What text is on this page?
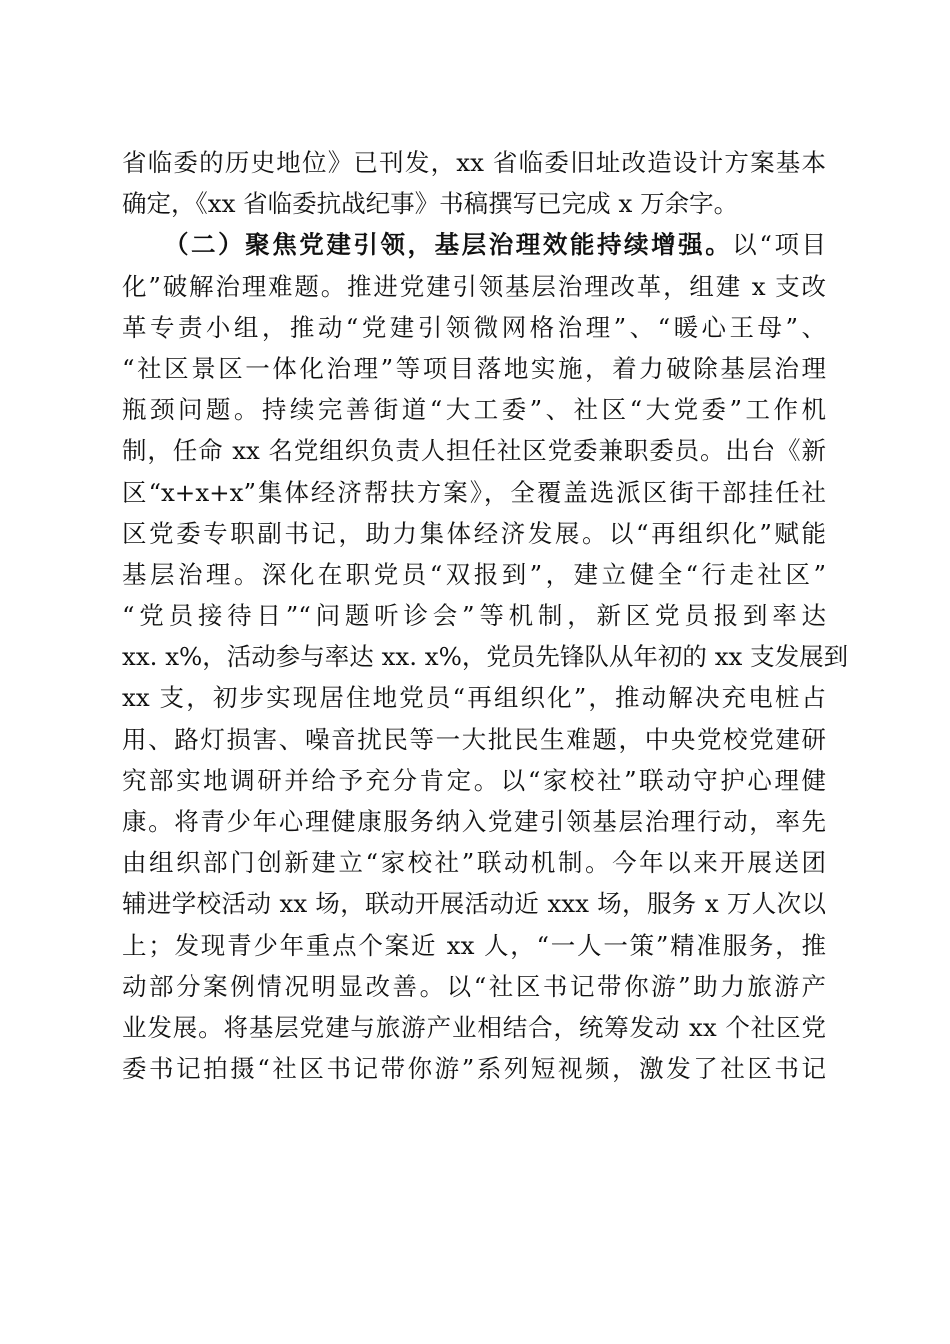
省临委的历史地位》已刊发，xx 省临委旧址改造设计方案基本
确定，《xx 省临委抗战纪事》书稿撰写已完成 x 万余字。
（二）聚焦党建引领，基层治理效能持续增强。以“项目
化”破解治理难题。推进党建引领基层治理改革，组建 x 支改
革专责小组，推动“党建引领微网格治理”、“暖心王母”、
“社区景区一体化治理”等项目落地实施，着力破除基层治理
瓶颈问题。持续完善街道“大工委”、社区“大党委”工作机
制，任命 xx 名党组织负责人担任社区党委兼职委员。出台《新
区“x+x+x”集体经济帮扶方案》，全覆盖选派区街干部挂任社
区党委专职副书记，助力集体经济发展。以“再组织化”赋能
基层治理。深化在职党员“双报到”，建立健全“行走社区”
“党员接待日”“问题听诊会”等机制，新区党员报到率达
xx. x%，活动参与率达 xx. x%，党员先锋队从年初的 xx 支发展到
xx 支，初步实现居住地党员“再组织化”，推动解决充电桩占
用、路灯损害、噪音扰民等一大批民生难题，中央党校党建研
究部实地调研并给予充分肯定。以“家校社”联动守护心理健
康。将青少年心理健康服务纳入党建引领基层治理行动，率先
由组织部门创新建立“家校社”联动机制。今年以来开展送团
辅进学校活动 xx 场，联动开展活动近 xxx 场，服务 x 万人次以
上；发现青少年重点个案近 xx 人，“一人一策”精准服务，推
动部分案例情况明显改善。以“社区书记带你游”助力旅游产
业发展。将基层党建与旅游产业相结合，统筹发动 xx 个社区党
委书记拍摄“社区书记带你游”系列短视频，激发了社区书记
